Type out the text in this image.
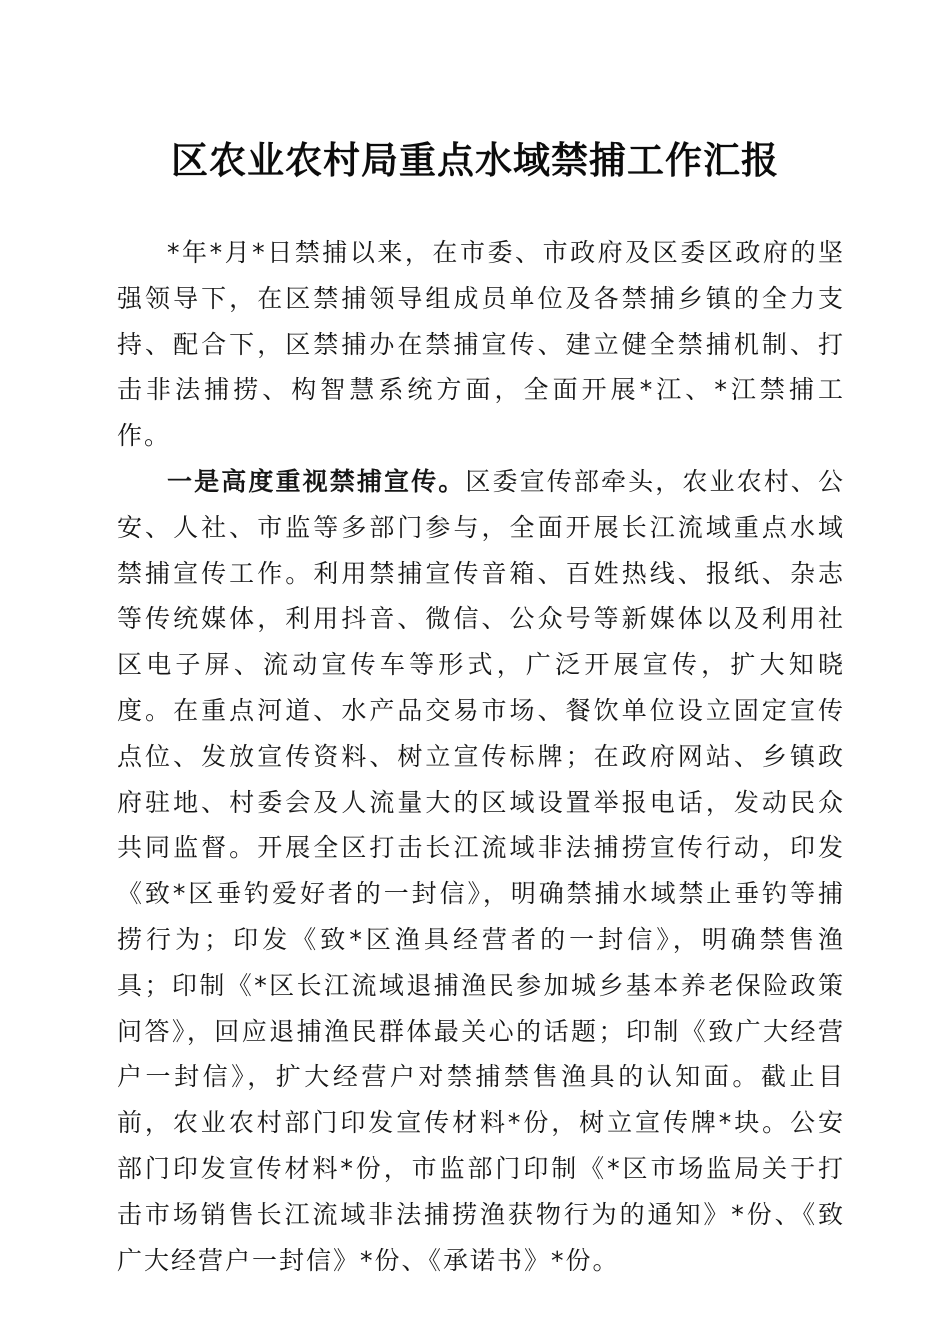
区农业农村局重点水域禁捕工作汇报

*年*月*日禁捕以来，在市委、市政府及区委区政府的坚强领导下，在区禁捕领导组成员单位及各禁捕乡镇的全力支持、配合下，区禁捕办在禁捕宣传、建立健全禁捕机制、打击非法捕捞、构智慧系统方面，全面开展*江、*江禁捕工作。

一是高度重视禁捕宣传。区委宣传部牵头，农业农村、公安、人社、市监等多部门参与，全面开展长江流域重点水域禁捕宣传工作。利用禁捕宣传音箱、百姓热线、报纸、杂志等传统媒体，利用抖音、微信、公众号等新媒体以及利用社区电子屏、流动宣传车等形式，广泛开展宣传，扩大知晓度。在重点河道、水产品交易市场、餐饮单位设立固定宣传点位、发放宣传资料、树立宣传标牌；在政府网站、乡镇政府驻地、村委会及人流量大的区域设置举报电话，发动民众共同监督。开展全区打击长江流域非法捕捞宣传行动，印发《致*区垂钓爱好者的一封信》，明确禁捕水域禁止垂钓等捕捞行为；印发《致*区渔具经营者的一封信》，明确禁售渔具；印制《*区长江流域退捕渔民参加城乡基本养老保险政策问答》，回应退捕渔民群体最关心的话题；印制《致广大经营户一封信》，扩大经营户对禁捕禁售渔具的认知面。截止目前，农业农村部门印发宣传材料*份，树立宣传牌*块。公安部门印发宣传材料*份，市监部门印制《*区市场监局关于打击市场销售长江流域非法捕捞渔获物行为的通知》*份、《致广大经营户一封信》*份、《承诺书》*份。
